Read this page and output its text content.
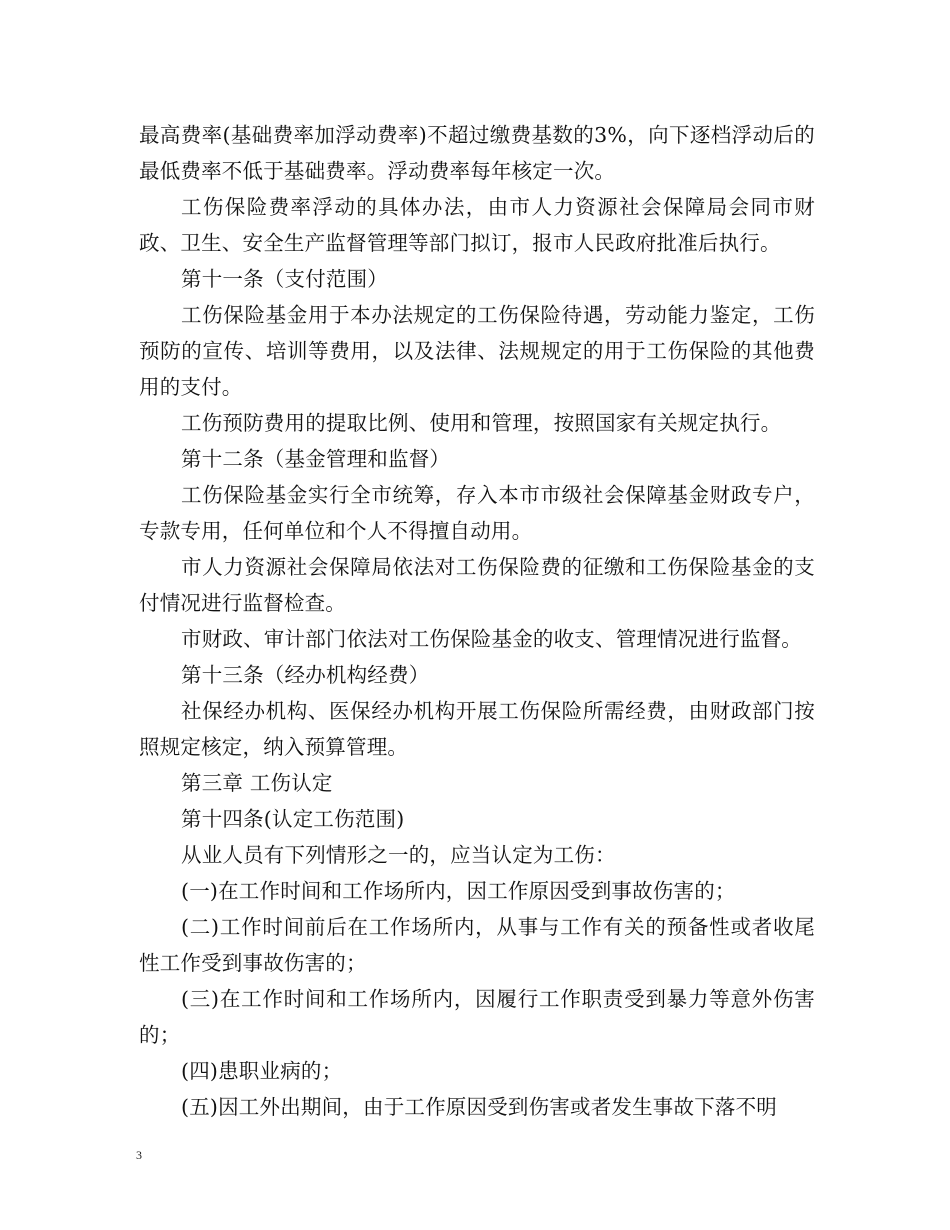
最高费率(基础费率加浮动费率)不超过缴费基数的3%，向下逐档浮动后的最低费率不低于基础费率。浮动费率每年核定一次。

工伤保险费率浮动的具体办法，由市人力资源社会保障局会同市财政、卫生、安全生产监督管理等部门拟订，报市人民政府批准后执行。

第十一条（支付范围）

工伤保险基金用于本办法规定的工伤保险待遇，劳动能力鉴定，工伤预防的宣传、培训等费用，以及法律、法规规定的用于工伤保险的其他费用的支付。

工伤预防费用的提取比例、使用和管理，按照国家有关规定执行。

第十二条（基金管理和监督）

工伤保险基金实行全市统筹，存入本市市级社会保障基金财政专户，专款专用，任何单位和个人不得擅自动用。

市人力资源社会保障局依法对工伤保险费的征缴和工伤保险基金的支付情况进行监督检查。

市财政、审计部门依法对工伤保险基金的收支、管理情况进行监督。

第十三条（经办机构经费）

社保经办机构、医保经办机构开展工伤保险所需经费，由财政部门按照规定核定，纳入预算管理。

第三章 工伤认定

第十四条(认定工伤范围)

从业人员有下列情形之一的，应当认定为工伤：

(一)在工作时间和工作场所内，因工作原因受到事故伤害的；

(二)工作时间前后在工作场所内，从事与工作有关的预备性或者收尾性工作受到事故伤害的；

(三)在工作时间和工作场所内，因履行工作职责受到暴力等意外伤害的；

(四)患职业病的；

(五)因工外出期间，由于工作原因受到伤害或者发生事故下落不明

3
